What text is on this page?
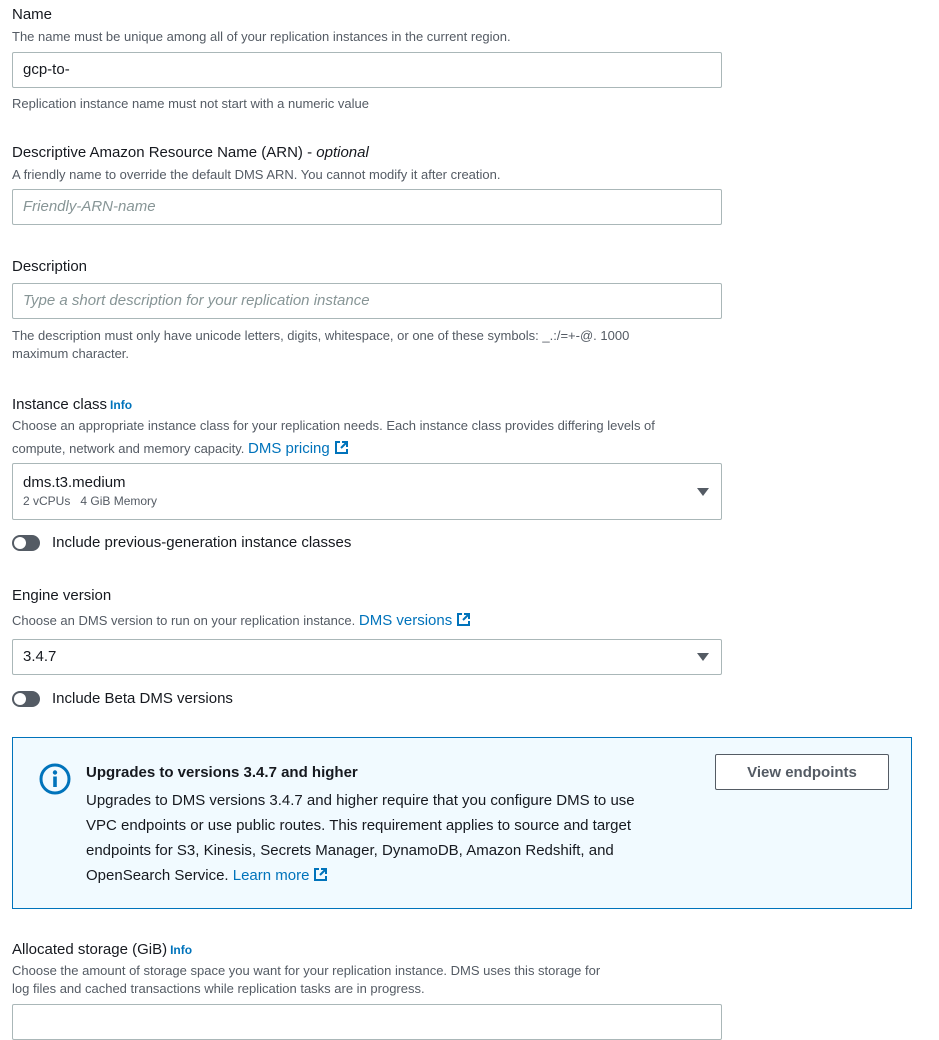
Name
The name must be unique among all of your replication instances in the current region.
gcp-to-
Replication instance name must not start with a numeric value
Descriptive Amazon Resource Name (ARN) - optional
A friendly name to override the default DMS ARN. You cannot modify it after creation.
Friendly-ARN-name
Description
Type a short description for your replication instance
The description must only have unicode letters, digits, whitespace, or one of these symbols: _.:/=+-@. 1000
maximum character.
Instance class Info
Choose an appropriate instance class for your replication needs. Each instance class provides differing levels of
compute, network and memory capacity. DMS pricing
dms.t3.medium
2 vCPUs 4 GiB Memory
Include previous-generation instance classes
Engine version
Choose an DMS version to run on your replication instance. DMS versions
3.4.7
Include Beta DMS versions
Upgrades to versions 3.4.7 and higher
Upgrades to DMS versions 3.4.7 and higher require that you configure DMS to use VPC endpoints or use public routes. This requirement applies to source and target endpoints for S3, Kinesis, Secrets Manager, DynamoDB, Amazon Redshift, and OpenSearch Service. Learn more
View endpoints
Allocated storage (GiB) Info
Choose the amount of storage space you want for your replication instance. DMS uses this storage for
log files and cached transactions while replication tasks are in progress.
